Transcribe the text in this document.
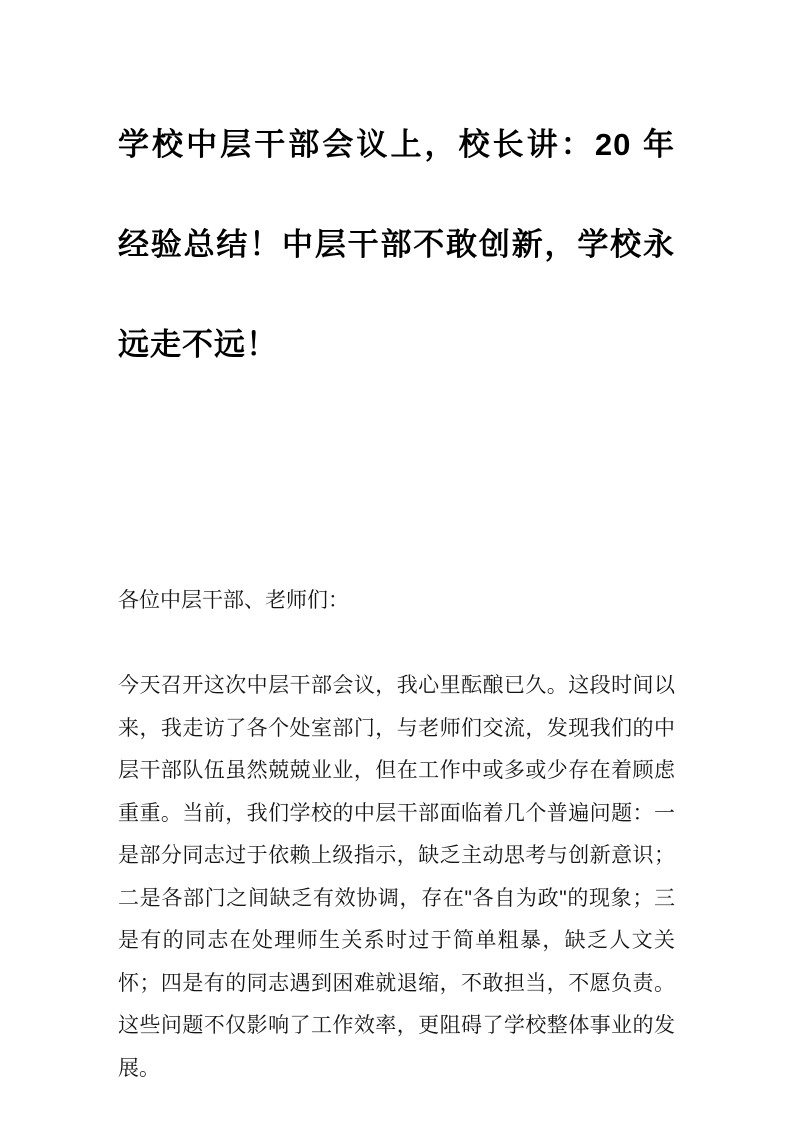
学校中层干部会议上，校长讲：20 年经验总结！中层干部不敢创新，学校永远走不远！

各位中层干部、老师们：

今天召开这次中层干部会议，我心里酝酿已久。这段时间以来，我走访了各个处室部门，与老师们交流，发现我们的中层干部队伍虽然兢兢业业，但在工作中或多或少存在着顾虑重重。当前，我们学校的中层干部面临着几个普遍问题：一是部分同志过于依赖上级指示，缺乏主动思考与创新意识；二是各部门之间缺乏有效协调，存在"各自为政"的现象；三是有的同志在处理师生关系时过于简单粗暴，缺乏人文关怀；四是有的同志遇到困难就退缩，不敢担当，不愿负责。这些问题不仅影响了工作效率，更阻碍了学校整体事业的发展。
